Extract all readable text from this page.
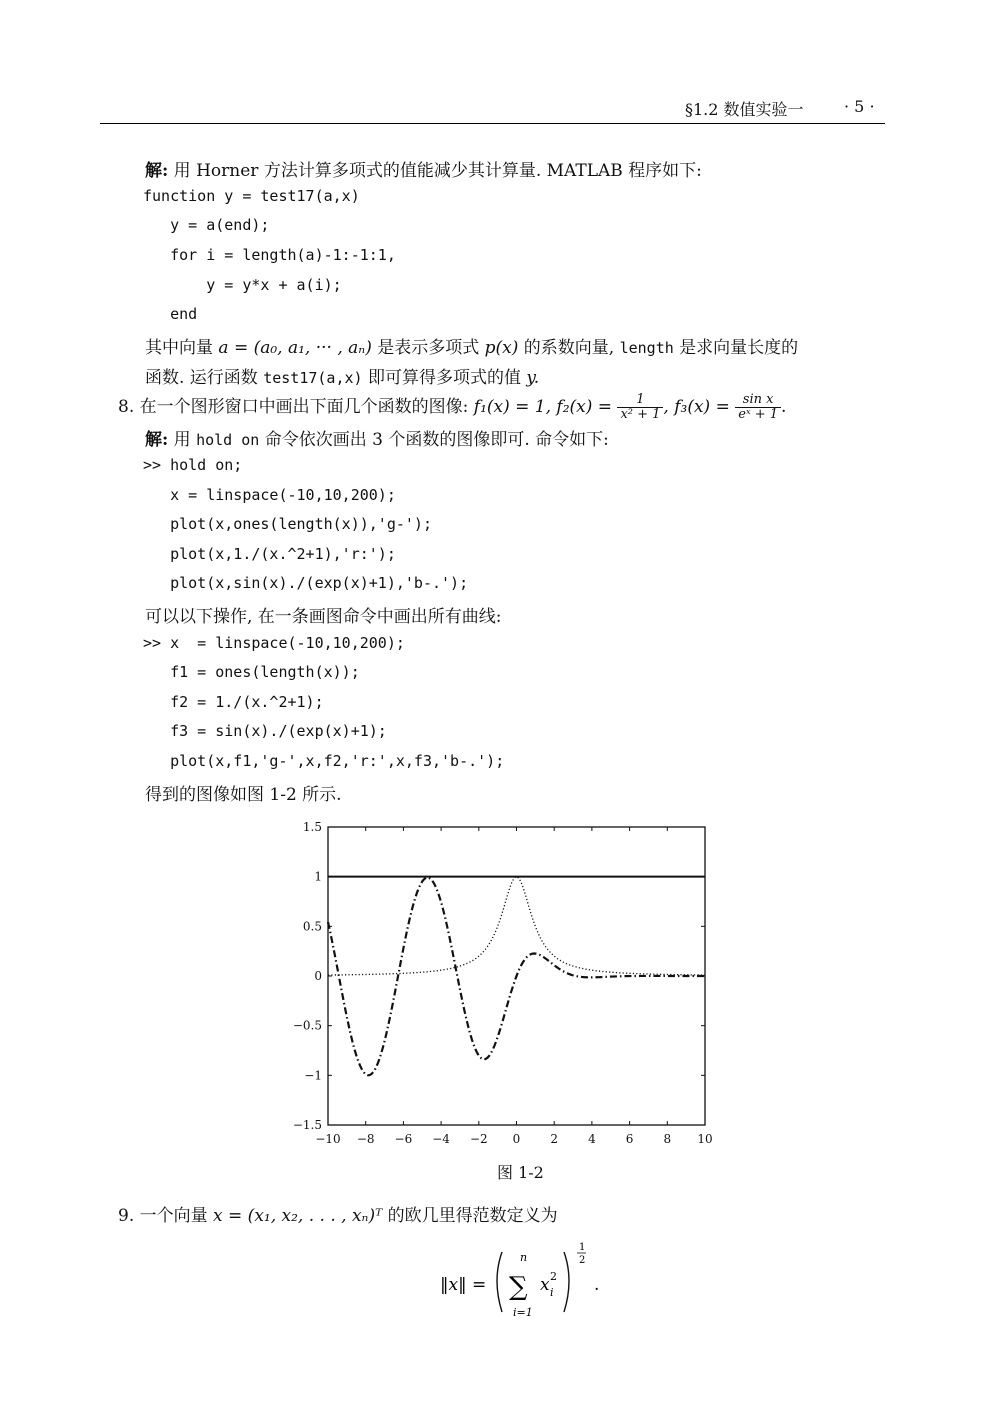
§1.2 数值实验一	· 5 ·
解: 用 Horner 方法计算多项式的值能减少其计算量. MATLAB 程序如下:
function y = test17(a,x)
y = a(end);
for i = length(a)-1:-1:1,
y = y*x + a(i);
end
其中向量 a = (a₀, a₁, ··· , aₙ) 是表示多项式 p(x) 的系数向量, length 是求向量长度的
函数. 运行函数 test17(a,x) 即可算得多项式的值 y.
8. 在一个图形窗口中画出下面几个函数的图像: f₁(x) = 1, $f_2(x) = \frac{1}{\text{x² + 1}}$ , $f_3(x) = \frac{\text{sin x}}{\text{eˣ + 1}}$ .
解: 用 hold on 命令依次画出 3 个函数的图像即可. 命令如下:
>> hold on;
x = linspace(-10,10,200);
plot(x,ones(length(x)),'g-');
plot(x,1./(x.^2+1),'r:');
plot(x,sin(x)./(exp(x)+1),'b-.');
可以以下操作, 在一条画图命令中画出所有曲线:
>> x  = linspace(-10,10,200);
f1 = ones(length(x));
f2 = 1./(x.^2+1);
f3 = sin(x)./(exp(x)+1);
plot(x,f1,'g-',x,f2,'r:',x,f3,'b-.');
得到的图像如图 1-2 所示.
−10 −8 −6 −4 −2 0	2	4	6	8 10
−1.5
−1
−0.5
0
0.5
1
1.5
图 1-2
9. 一个向量 x = (x₁, x₂, . . . , xₙ)ᵀ 的欧几里得范数定义为
‖x‖ =
n
∑
i=1
x 2
i
1
2
.
